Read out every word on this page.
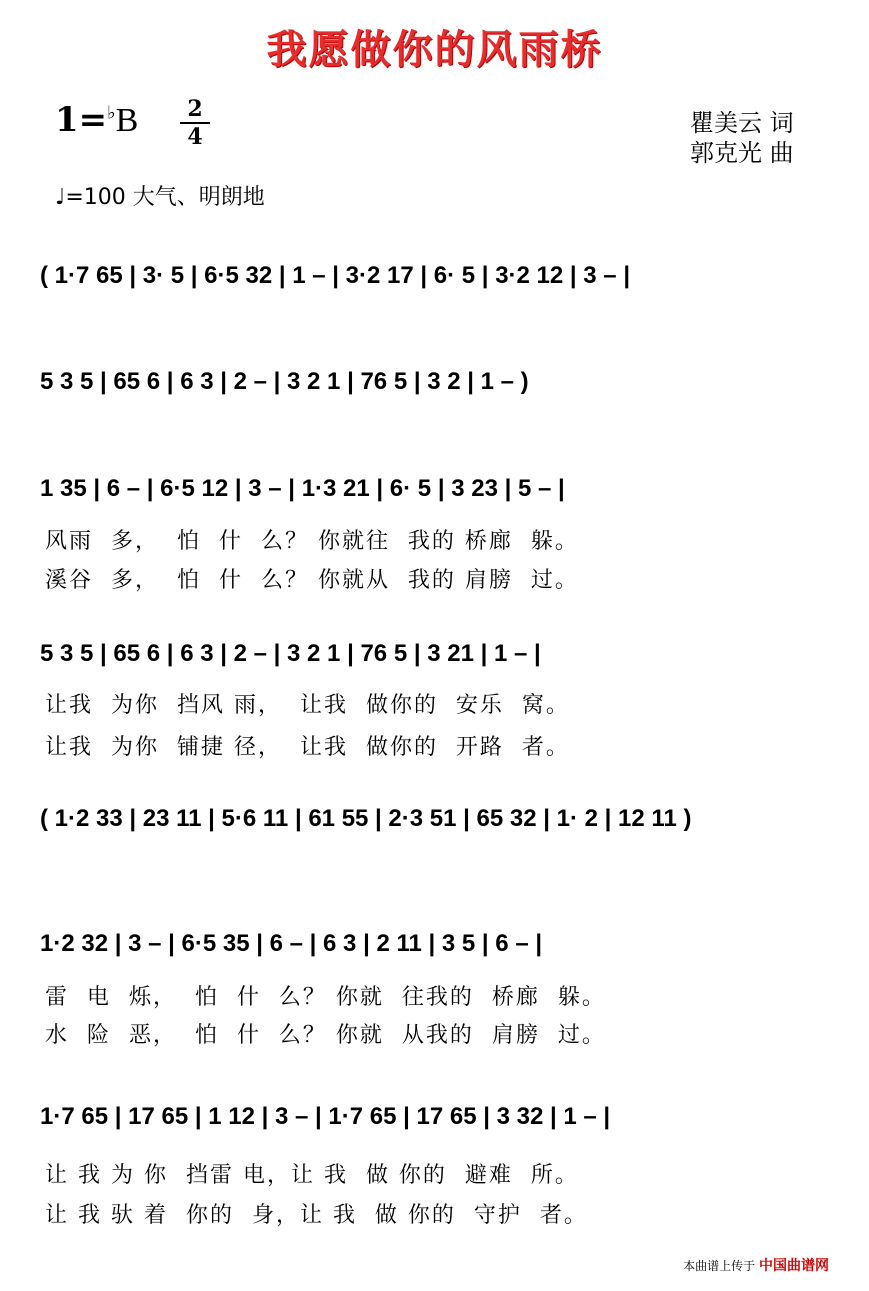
我愿做你的风雨桥
1=♭B	2
4	瞿美云 词
郭克光 曲
♩=100 大气、明朗地
( 1·7 65 | 3· 5 | 6·5 32 | 1 – | 3·2 17 | 6· 5 | 3·2 12 | 3 – |
5 3 5 | 65 6 | 6 3 | 2 – | 3 2 1 | 76 5 | 3 2 | 1 – )
1 35 | 6 – | 6·5 12 | 3 – | 1·3 21 | 6· 5 | 3 23 | 5 – |
风雨  多，  怕  什  么？ 你就往  我的 桥廊  躲。
溪谷  多，  怕  什  么？ 你就从  我的 肩膀  过。
5 3 5 | 65 6 | 6 3 | 2 – | 3 2 1 | 76 5 | 3 21 | 1 – |
让我  为你  挡风 雨，  让我  做你的  安乐  窝。
让我  为你  铺捷 径，  让我  做你的  开路  者。
( 1·2 33 | 23 11 | 5·6 11 | 61 55 | 2·3 51 | 65 32 | 1· 2 | 12 11 )
1·2 32 | 3 – | 6·5 35 | 6 – | 6 3 | 2 11 | 3 5 | 6 – |
雷  电  烁，  怕  什  么？ 你就  往我的  桥廊  躲。
水  险  恶，  怕  什  么？ 你就  从我的  肩膀  过。
1·7 65 | 17 65 | 1 12 | 3 – | 1·7 65 | 17 65 | 3 32 | 1 – |
让 我 为 你  挡雷 电，让 我  做 你的  避难  所。
让 我 驮 着  你的  身，让 我  做 你的  守护  者。
本曲谱上传于 中国曲谱网
